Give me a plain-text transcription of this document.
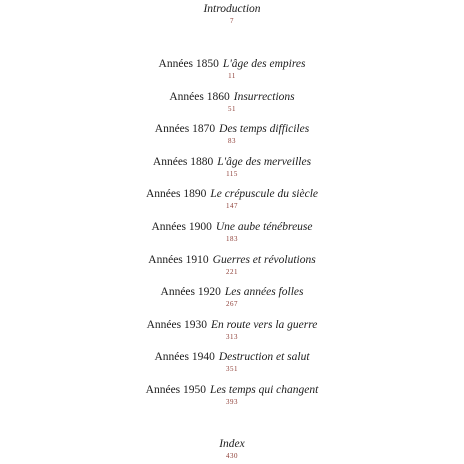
Introduction
7
Années 1850 L'âge des empires
11
Années 1860 Insurrections
51
Années 1870 Des temps difficiles
83
Années 1880 L'âge des merveilles
115
Années 1890 Le crépuscule du siècle
147
Années 1900 Une aube ténébreuse
183
Années 1910 Guerres et révolutions
221
Années 1920 Les années folles
267
Années 1930 En route vers la guerre
313
Années 1940 Destruction et salut
351
Années 1950 Les temps qui changent
393
Index
430
